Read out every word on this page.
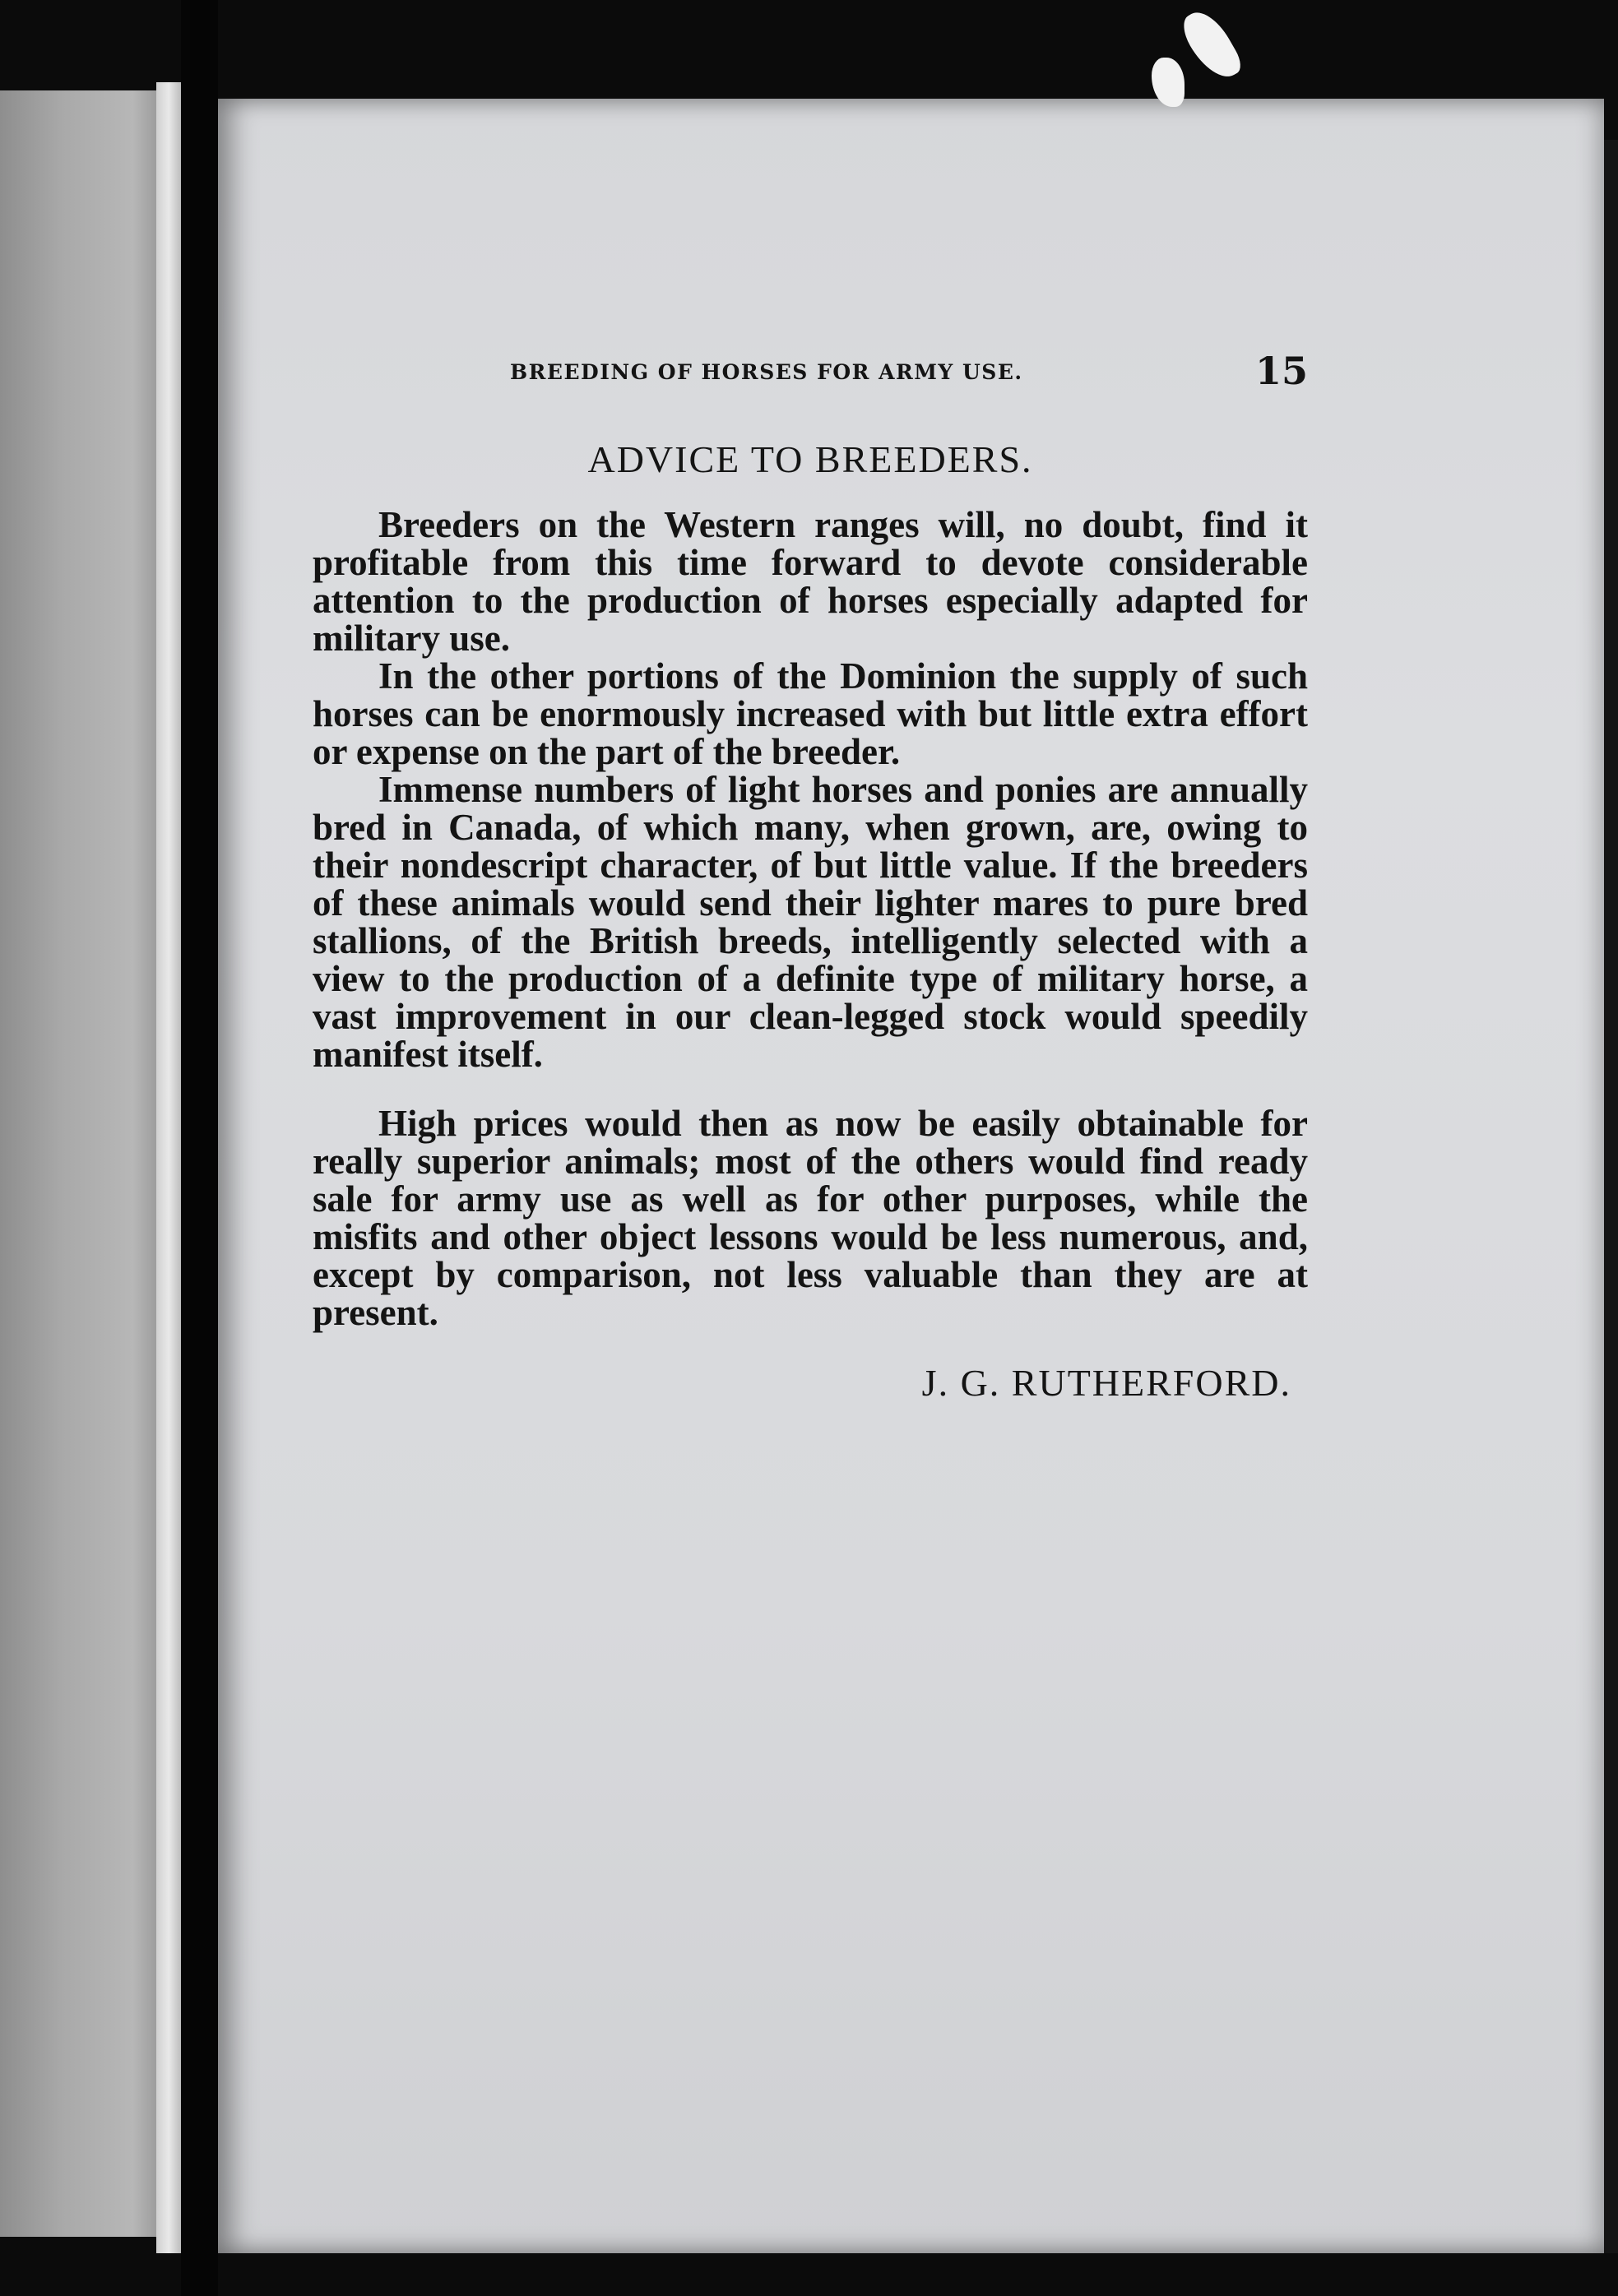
BREEDING OF HORSES FOR ARMY USE.	15
ADVICE TO BREEDERS.

Breeders on the Western ranges will, no doubt, find it profitable from this time forward to devote considerable attention to the production of horses especially adapted for military use.

In the other portions of the Dominion the supply of such horses can be enormously increased with but little extra effort or expense on the part of the breeder.

Immense numbers of light horses and ponies are annually bred in Canada, of which many, when grown, are, owing to their nondescript character, of but little value. If the breeders of these animals would send their lighter mares to pure bred stallions, of the British breeds, intelligently selected with a view to the production of a definite type of military horse, a vast improvement in our clean-legged stock would speedily manifest itself.

High prices would then as now be easily obtainable for really superior animals; most of the others would find ready sale for army use as well as for other purposes, while the misfits and other object lessons would be less numerous, and, except by comparison, not less valuable than they are at present.

J. G. RUTHERFORD.
